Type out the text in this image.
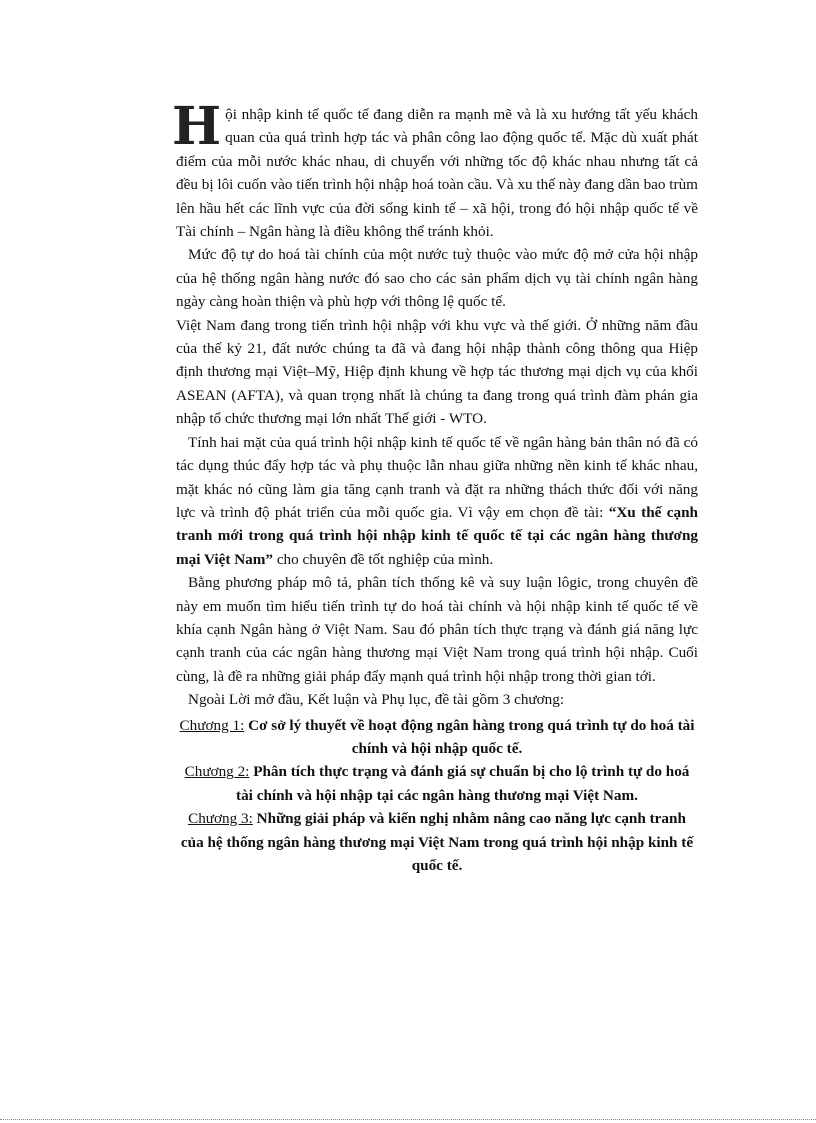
Hội nhập kinh tế quốc tế đang diễn ra mạnh mẽ và là xu hướng tất yếu khách quan của quá trình hợp tác và phân công lao động quốc tế. Mặc dù xuất phát điểm của mỗi nước khác nhau, di chuyển với những tốc độ khác nhau nhưng tất cả đều bị lôi cuốn vào tiến trình hội nhập hoá toàn cầu. Và xu thế này đang dần bao trùm lên hầu hết các lĩnh vực của đời sống kinh tế – xã hội, trong đó hội nhập quốc tế về Tài chính – Ngân hàng là điều không thể tránh khỏi.

Mức độ tự do hoá tài chính của một nước tuỳ thuộc vào mức độ mở cửa hội nhập của hệ thống ngân hàng nước đó sao cho các sản phẩm dịch vụ tài chính ngân hàng ngày càng hoàn thiện và phù hợp với thông lệ quốc tế.

Việt Nam đang trong tiến trình hội nhập với khu vực và thế giới. Ở những năm đầu của thế kỷ 21, đất nước chúng ta đã và đang hội nhập thành công thông qua Hiệp định thương mại Việt–Mỹ, Hiệp định khung về hợp tác thương mại dịch vụ của khối ASEAN (AFTA), và quan trọng nhất là chúng ta đang trong quá trình đàm phán gia nhập tổ chức thương mại lớn nhất Thế giới - WTO.

Tính hai mặt của quá trình hội nhập kinh tế quốc tế về ngân hàng bản thân nó đã có tác dụng thúc đẩy hợp tác và phụ thuộc lẫn nhau giữa những nền kinh tế khác nhau, mặt khác nó cũng làm gia tăng cạnh tranh và đặt ra những thách thức đối với năng lực và trình độ phát triển của mỗi quốc gia. Vì vậy em chọn đề tài: “Xu thế cạnh tranh mới trong quá trình hội nhập kinh tế quốc tế tại các ngân hàng thương mại Việt Nam” cho chuyên đề tốt nghiệp của mình.

Bằng phương pháp mô tả, phân tích thống kê và suy luận lôgic, trong chuyên đề này em muốn tìm hiểu tiến trình tự do hoá tài chính và hội nhập kinh tế quốc tế về khía cạnh Ngân hàng ở Việt Nam. Sau đó phân tích thực trạng và đánh giá năng lực cạnh tranh của các ngân hàng thương mại Việt Nam trong quá trình hội nhập. Cuối cùng, là đề ra những giải pháp đẩy mạnh quá trình hội nhập trong thời gian tới.

Ngoài Lời mở đầu, Kết luận và Phụ lục, đề tài gồm 3 chương:

Chương 1: Cơ sở lý thuyết về hoạt động ngân hàng trong quá trình tự do hoá tài chính và hội nhập quốc tế.
Chương 2: Phân tích thực trạng và đánh giá sự chuẩn bị cho lộ trình tự do hoá tài chính và hội nhập tại các ngân hàng thương mại Việt Nam.
Chương 3: Những giải pháp và kiến nghị nhằm nâng cao năng lực cạnh tranh của hệ thống ngân hàng thương mại Việt Nam trong quá trình hội nhập kinh tế quốc tế.
